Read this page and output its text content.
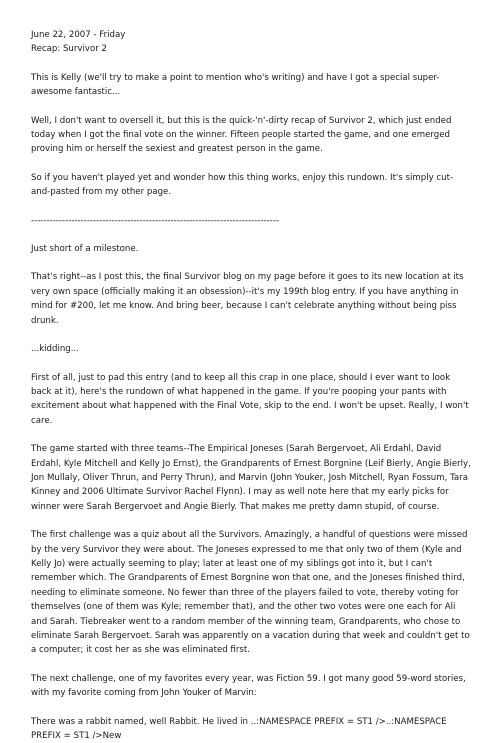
June 22, 2007 - Friday

Recap: Survivor 2

This is Kelly (we'll try to make a point to mention who's writing) and have I got a special super-awesome fantastic...

Well, I don't want to oversell it, but this is the quick-'n'-dirty recap of Survivor 2, which just ended today when I got the final vote on the winner. Fifteen people started the game, and one emerged proving him or herself the sexiest and greatest person in the game.

So if you haven't played yet and wonder how this thing works, enjoy this rundown. It's simply cut-and-pasted from my other page.

--------------------------------------------------------------------------------

Just short of a milestone.

That's right--as I post this, the final Survivor blog on my page before it goes to its new location at its very own space (officially making it an obsession)--it's my 199th blog entry. If you have anything in mind for #200, let me know. And bring beer, because I can't celebrate anything without being piss drunk.

...kidding...

First of all, just to pad this entry (and to keep all this crap in one place, should I ever want to look back at it), here's the rundown of what happened in the game. If you're pooping your pants with excitement about what happened with the Final Vote, skip to the end. I won't be upset. Really, I won't care.

The game started with three teams--The Empirical Joneses (Sarah Bergervoet, Ali Erdahl, David Erdahl, Kyle Mitchell and Kelly Jo Ernst), the Grandparents of Ernest Borgnine (Leif Bierly, Angie Bierly, Jon Mullaly, Oliver Thrun, and Perry Thrun), and Marvin (John Youker, Josh Mitchell, Ryan Fossum, Tara Kinney and 2006 Ultimate Survivor Rachel Flynn). I may as well note here that my early picks for winner were Sarah Bergervoet and Angie Bierly. That makes me pretty damn stupid, of course.

The first challenge was a quiz about all the Survivors. Amazingly, a handful of questions were missed by the very Survivor they were about. The Joneses expressed to me that only two of them (Kyle and Kelly Jo) were actually seeming to play; later at least one of my siblings got into it, but I can't remember which. The Grandparents of Ernest Borgnine won that one, and the Joneses finished third, needing to eliminate someone. No fewer than three of the players failed to vote, thereby voting for themselves (one of them was Kyle; remember that), and the other two votes were one each for Ali and Sarah. Tiebreaker went to a random member of the winning team, Grandparents, who chose to eliminate Sarah Bergervoet. Sarah was apparently on a vacation during that week and couldn't get to a computer; it cost her as she was eliminated first.

The next challenge, one of my favorites every year, was Fiction 59. I got many good 59-word stories, with my favorite coming from John Youker of Marvin:

There was a rabbit named, well Rabbit. He lived in ..:NAMESPACE PREFIX = ST1 />..:NAMESPACE PREFIX = ST1 />New
